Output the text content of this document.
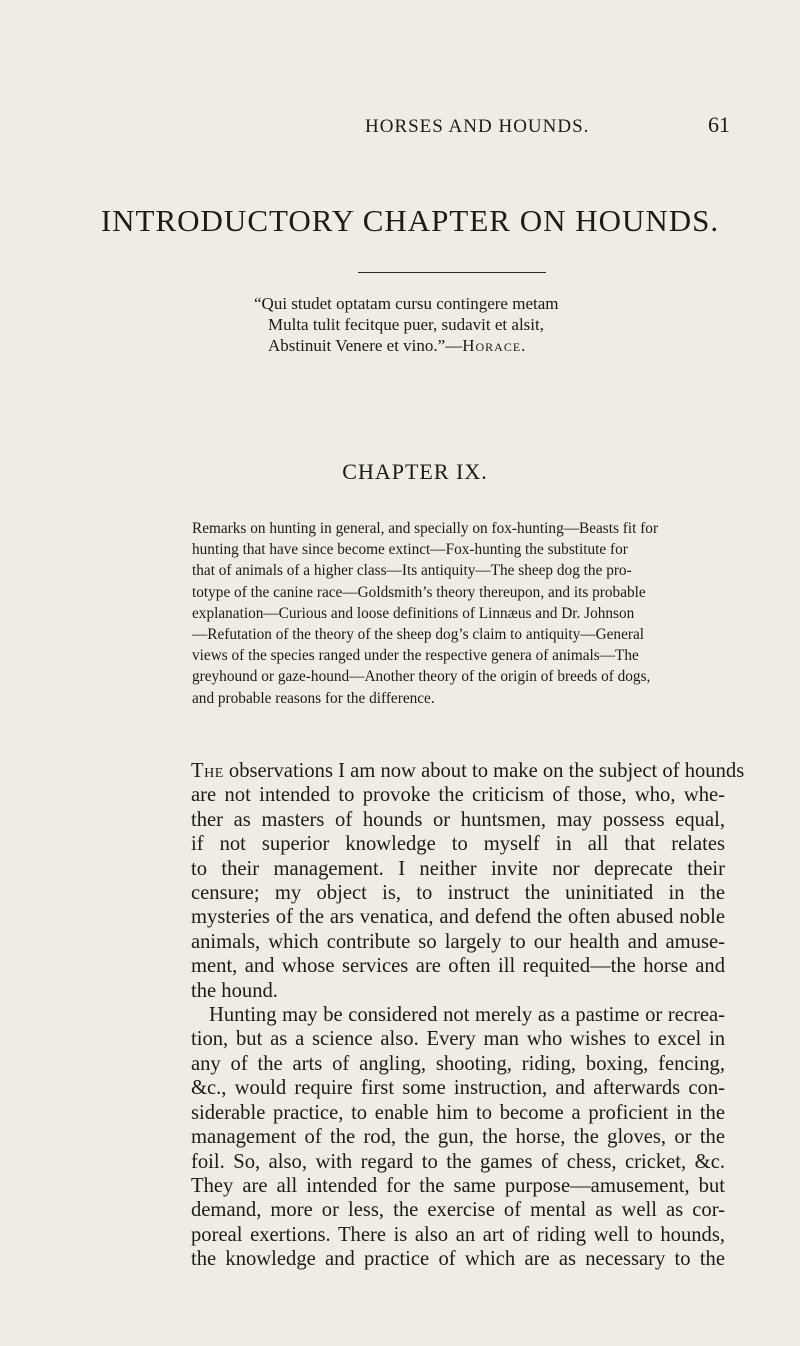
HORSES AND HOUNDS.	61
INTRODUCTORY CHAPTER ON HOUNDS.
“Qui studet optatam cursu contingere metam
Multa tulit fecitque puer, sudavit et alsit,
Abstinuit Venere et vino.”—Horace.
CHAPTER IX.
Remarks on hunting in general, and specially on fox-hunting—Beasts fit for
hunting that have since become extinct—Fox-hunting the substitute for
that of animals of a higher class—Its antiquity—The sheep dog the pro-
totype of the canine race—Goldsmith’s theory thereupon, and its probable
explanation—Curious and loose definitions of Linnæus and Dr. Johnson
—Refutation of the theory of the sheep dog’s claim to antiquity—General
views of the species ranged under the respective genera of animals—The
greyhound or gaze-hound—Another theory of the origin of breeds of dogs,
and probable reasons for the difference.
The observations I am now about to make on the subject of hounds
are not intended to provoke the criticism of those, who, whe-
ther as masters of hounds or huntsmen, may possess equal,
if not superior knowledge to myself in all that relates
to their management. I neither invite nor deprecate their
censure; my object is, to instruct the uninitiated in the
mysteries of the ars venatica, and defend the often abused noble
animals, which contribute so largely to our health and amuse-
ment, and whose services are often ill requited—the horse and
the hound.
Hunting may be considered not merely as a pastime or recrea-
tion, but as a science also. Every man who wishes to excel in
any of the arts of angling, shooting, riding, boxing, fencing,
&c., would require first some instruction, and afterwards con-
siderable practice, to enable him to become a proficient in the
management of the rod, the gun, the horse, the gloves, or the
foil. So, also, with regard to the games of chess, cricket, &c.
They are all intended for the same purpose—amusement, but
demand, more or less, the exercise of mental as well as cor-
poreal exertions. There is also an art of riding well to hounds,
the knowledge and practice of which are as necessary to the
